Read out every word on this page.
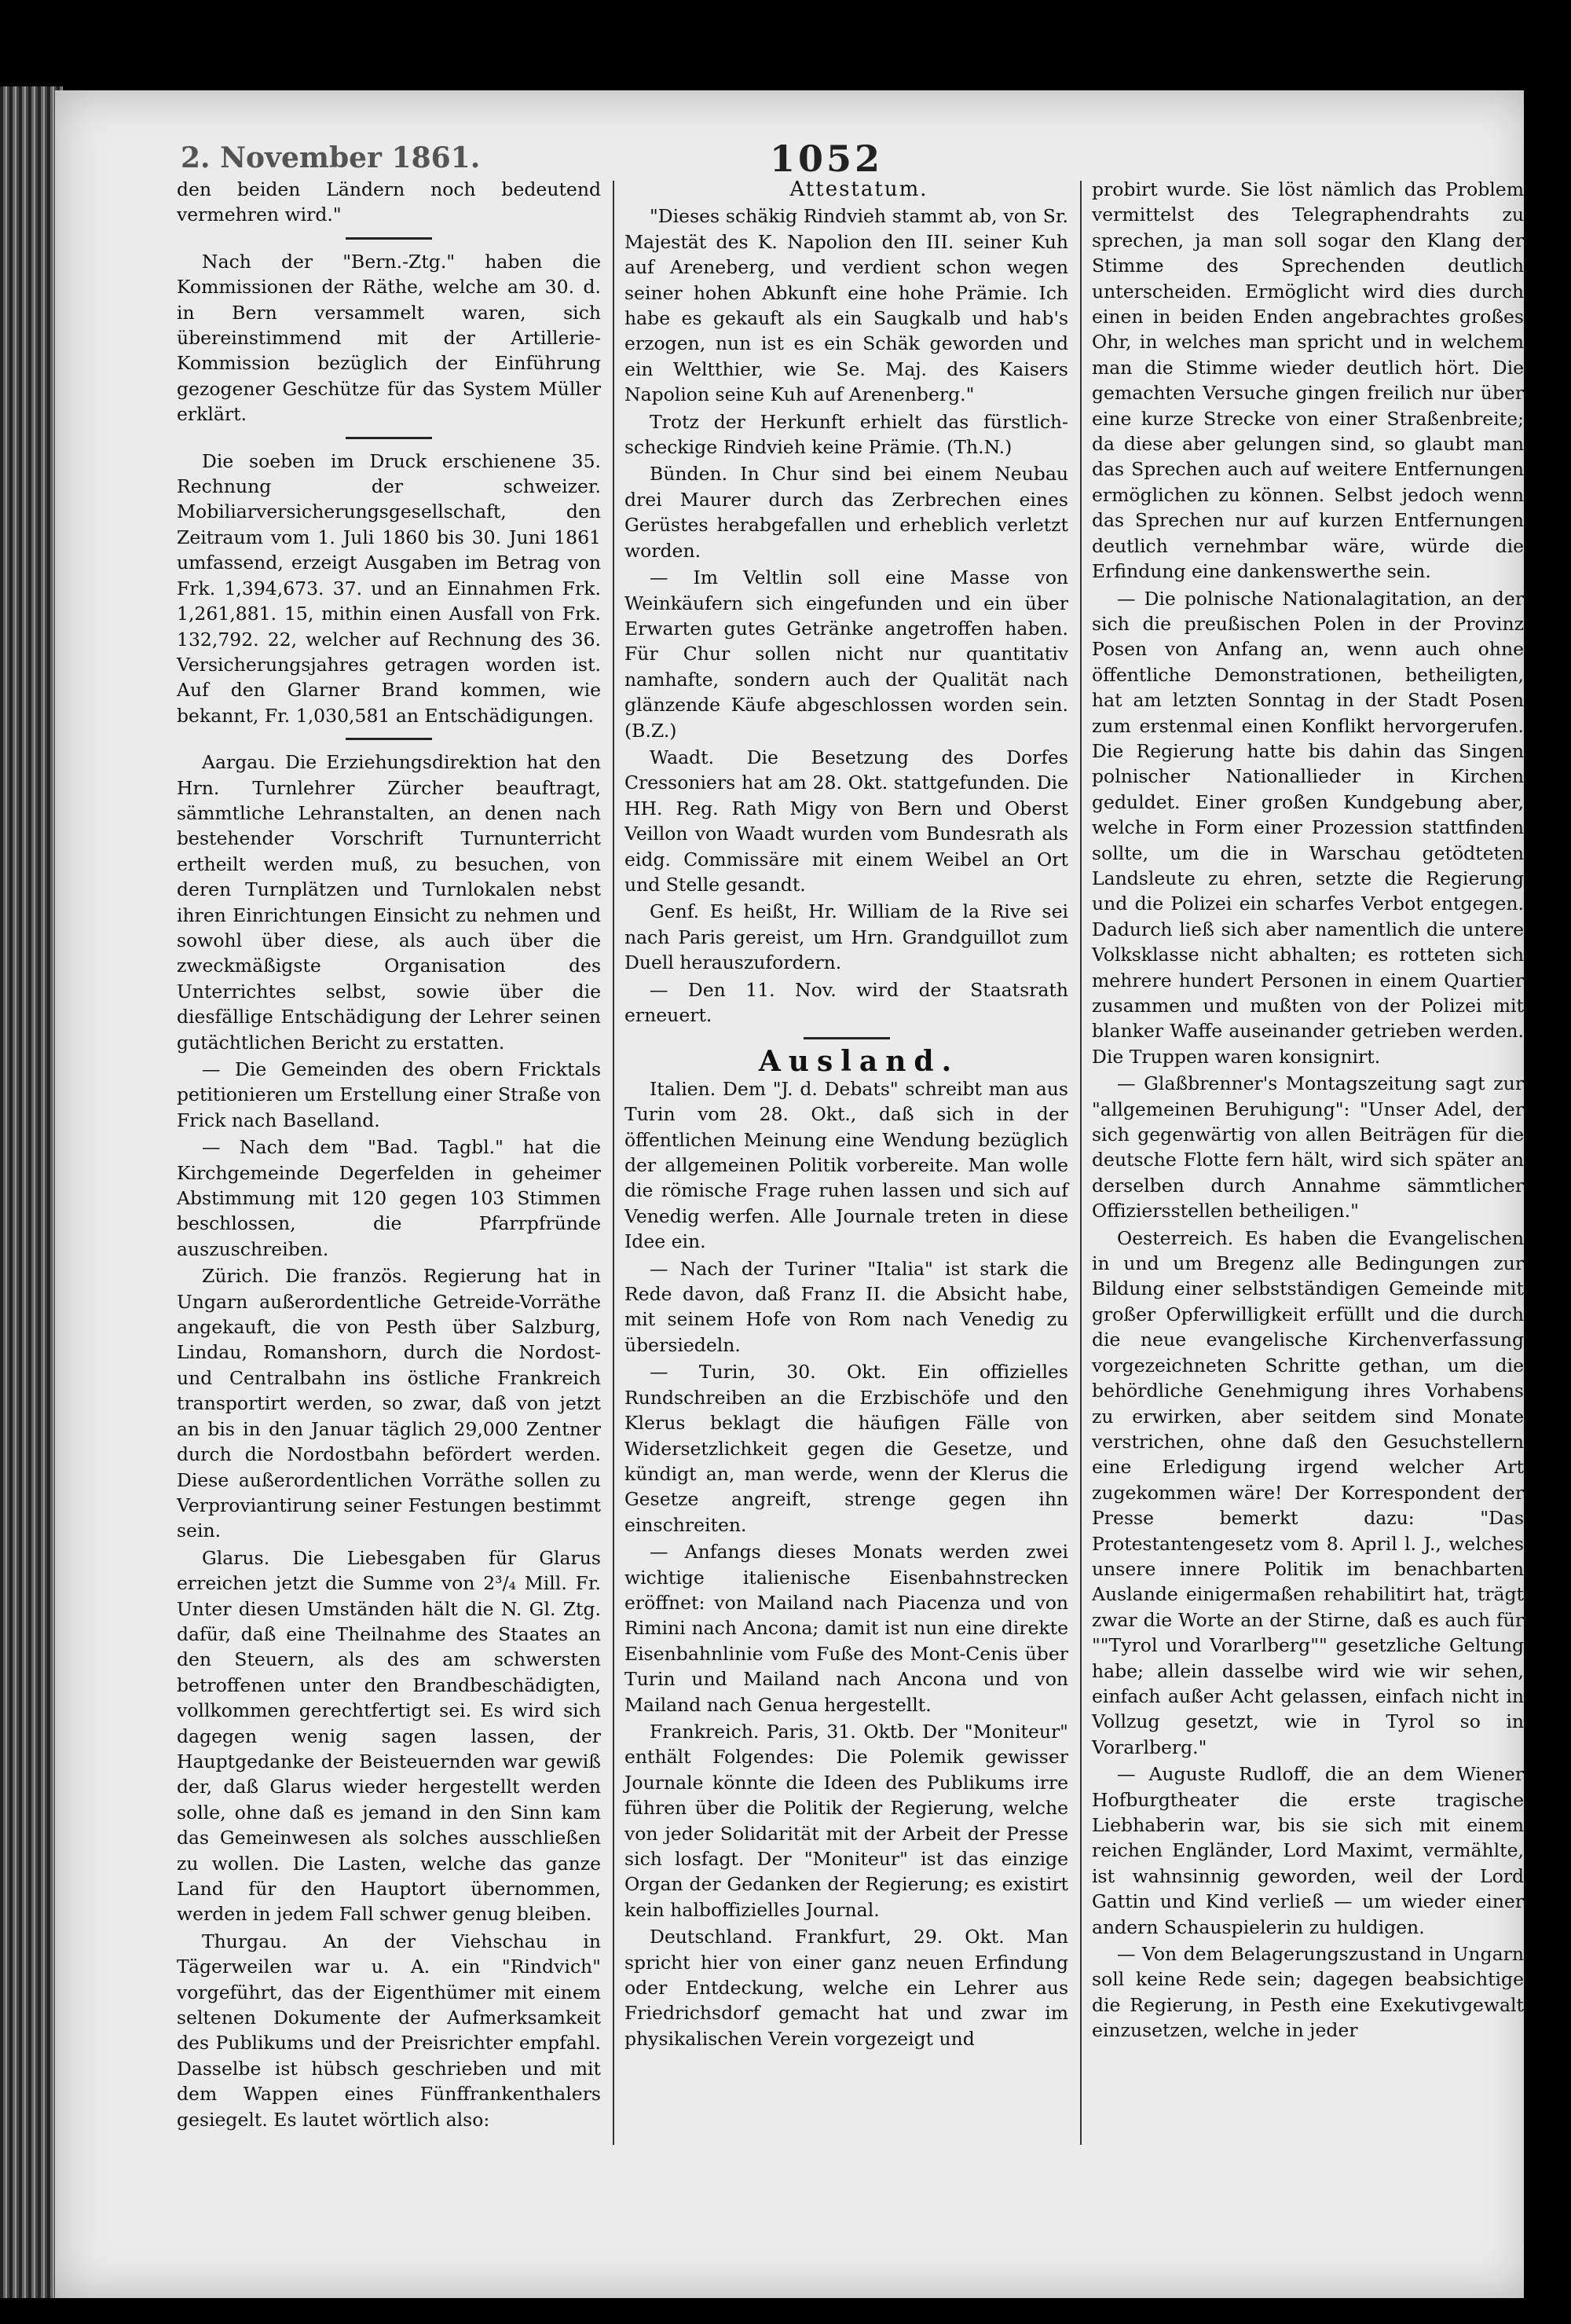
2. November 1861.	1052

den beiden Ländern noch bedeutend vermehren wird."

Nach der "Bern.-Ztg." haben die Kommissionen der Räthe, welche am 30. d. in Bern versammelt waren, sich übereinstimmend mit der Artillerie-Kommission bezüglich der Einführung gezogener Geschütze für das System Müller erklärt.

Die soeben im Druck erschienene 35. Rechnung der schweizer. Mobiliarversicherungsgesellschaft, den Zeitraum vom 1. Juli 1860 bis 30. Juni 1861 umfassend, erzeigt Ausgaben im Betrag von Frk. 1,394,673. 37. und an Einnahmen Frk. 1,261,881. 15, mithin einen Ausfall von Frk. 132,792. 22, welcher auf Rechnung des 36. Versicherungsjahres getragen worden ist. Auf den Glarner Brand kommen, wie bekannt, Fr. 1,030,581 an Entschädigungen.

Aargau. Die Erziehungsdirektion hat den Hrn. Turnlehrer Zürcher beauftragt, sämmtliche Lehranstalten, an denen nach bestehender Vorschrift Turnunterricht ertheilt werden muß, zu besuchen, von deren Turnplätzen und Turnlokalen nebst ihren Einrichtungen Einsicht zu nehmen und sowohl über diese, als auch über die zweckmäßigste Organisation des Unterrichtes selbst, sowie über die diesfällige Entschädigung der Lehrer seinen gutächtlichen Bericht zu erstatten.

— Die Gemeinden des obern Fricktals petitionieren um Erstellung einer Straße von Frick nach Baselland.

— Nach dem "Bad. Tagbl." hat die Kirchgemeinde Degerfelden in geheimer Abstimmung mit 120 gegen 103 Stimmen beschlossen, die Pfarrpfründe auszuschreiben.

Zürich. Die französ. Regierung hat in Ungarn außerordentliche Getreide-Vorräthe angekauft, die von Pesth über Salzburg, Lindau, Romanshorn, durch die Nordost- und Centralbahn ins östliche Frankreich transportirt werden, so zwar, daß von jetzt an bis in den Januar täglich 29,000 Zentner durch die Nordostbahn befördert werden. Diese außerordentlichen Vorräthe sollen zu Verproviantirung seiner Festungen bestimmt sein.

Glarus. Die Liebesgaben für Glarus erreichen jetzt die Summe von 2³/₄ Mill. Fr. Unter diesen Umständen hält die N. Gl. Ztg. dafür, daß eine Theilnahme des Staates an den Steuern, als des am schwersten betroffenen unter den Brandbeschädigten, vollkommen gerechtfertigt sei. Es wird sich dagegen wenig sagen lassen, der Hauptgedanke der Beisteuernden war gewiß der, daß Glarus wieder hergestellt werden solle, ohne daß es jemand in den Sinn kam das Gemeinwesen als solches ausschließen zu wollen. Die Lasten, welche das ganze Land für den Hauptort übernommen, werden in jedem Fall schwer genug bleiben.

Thurgau. An der Viehschau in Tägerweilen war u. A. ein "Rindvich" vorgeführt, das der Eigenthümer mit einem seltenen Dokumente der Aufmerksamkeit des Publikums und der Preisrichter empfahl. Dasselbe ist hübsch geschrieben und mit dem Wappen eines Fünffrankenthalers gesiegelt. Es lautet wörtlich also:

Attestatum.

"Dieses schäkig Rindvieh stammt ab, von Sr. Majestät des K. Napolion den III. seiner Kuh auf Areneberg, und verdient schon wegen seiner hohen Abkunft eine hohe Prämie. Ich habe es gekauft als ein Saugkalb und hab's erzogen, nun ist es ein Schäk geworden und ein Weltthier, wie Se. Maj. des Kaisers Napolion seine Kuh auf Arenenberg."

Trotz der Herkunft erhielt das fürstlich-scheckige Rindvieh keine Prämie. (Th.N.)

Bünden. In Chur sind bei einem Neubau drei Maurer durch das Zerbrechen eines Gerüstes herabgefallen und erheblich verletzt worden.

— Im Veltlin soll eine Masse von Weinkäufern sich eingefunden und ein über Erwarten gutes Getränke angetroffen haben. Für Chur sollen nicht nur quantitativ namhafte, sondern auch der Qualität nach glänzende Käufe abgeschlossen worden sein. (B.Z.)

Waadt. Die Besetzung des Dorfes Cressoniers hat am 28. Okt. stattgefunden. Die HH. Reg. Rath Migy von Bern und Oberst Veillon von Waadt wurden vom Bundesrath als eidg. Commissäre mit einem Weibel an Ort und Stelle gesandt.

Genf. Es heißt, Hr. William de la Rive sei nach Paris gereist, um Hrn. Grandguillot zum Duell herauszufordern.

— Den 11. Nov. wird der Staatsrath erneuert.

Ausland.

Italien. Dem "J. d. Debats" schreibt man aus Turin vom 28. Okt., daß sich in der öffentlichen Meinung eine Wendung bezüglich der allgemeinen Politik vorbereite. Man wolle die römische Frage ruhen lassen und sich auf Venedig werfen. Alle Journale treten in diese Idee ein.

— Nach der Turiner "Italia" ist stark die Rede davon, daß Franz II. die Absicht habe, mit seinem Hofe von Rom nach Venedig zu übersiedeln.

— Turin, 30. Okt. Ein offizielles Rundschreiben an die Erzbischöfe und den Klerus beklagt die häufigen Fälle von Widersetzlichkeit gegen die Gesetze, und kündigt an, man werde, wenn der Klerus die Gesetze angreift, strenge gegen ihn einschreiten.

— Anfangs dieses Monats werden zwei wichtige italienische Eisenbahnstrecken eröffnet: von Mailand nach Piacenza und von Rimini nach Ancona; damit ist nun eine direkte Eisenbahnlinie vom Fuße des Mont-Cenis über Turin und Mailand nach Ancona und von Mailand nach Genua hergestellt.

Frankreich. Paris, 31. Oktb. Der "Moniteur" enthält Folgendes: Die Polemik gewisser Journale könnte die Ideen des Publikums irre führen über die Politik der Regierung, welche von jeder Solidarität mit der Arbeit der Presse sich losfagt. Der "Moniteur" ist das einzige Organ der Gedanken der Regierung; es existirt kein halboffizielles Journal.

Deutschland. Frankfurt, 29. Okt. Man spricht hier von einer ganz neuen Erfindung oder Entdeckung, welche ein Lehrer aus Friedrichsdorf gemacht hat und zwar im physikalischen Verein vorgezeigt und

probirt wurde. Sie löst nämlich das Problem vermittelst des Telegraphendrahts zu sprechen, ja man soll sogar den Klang der Stimme des Sprechenden deutlich unterscheiden. Ermöglicht wird dies durch einen in beiden Enden angebrachtes großes Ohr, in welches man spricht und in welchem man die Stimme wieder deutlich hört. Die gemachten Versuche gingen freilich nur über eine kurze Strecke von einer Straßenbreite; da diese aber gelungen sind, so glaubt man das Sprechen auch auf weitere Entfernungen ermöglichen zu können. Selbst jedoch wenn das Sprechen nur auf kurzen Entfernungen deutlich vernehmbar wäre, würde die Erfindung eine dankenswerthe sein.

— Die polnische Nationalagitation, an der sich die preußischen Polen in der Provinz Posen von Anfang an, wenn auch ohne öffentliche Demonstrationen, betheiligten, hat am letzten Sonntag in der Stadt Posen zum erstenmal einen Konflikt hervorgerufen. Die Regierung hatte bis dahin das Singen polnischer Nationallieder in Kirchen geduldet. Einer großen Kundgebung aber, welche in Form einer Prozession stattfinden sollte, um die in Warschau getödteten Landsleute zu ehren, setzte die Regierung und die Polizei ein scharfes Verbot entgegen. Dadurch ließ sich aber namentlich die untere Volksklasse nicht abhalten; es rotteten sich mehrere hundert Personen in einem Quartier zusammen und mußten von der Polizei mit blanker Waffe auseinander getrieben werden. Die Truppen waren konsignirt.

— Glaßbrenner's Montagszeitung sagt zur "allgemeinen Beruhigung": "Unser Adel, der sich gegenwärtig von allen Beiträgen für die deutsche Flotte fern hält, wird sich später an derselben durch Annahme sämmtlicher Offiziersstellen betheiligen."

Oesterreich. Es haben die Evangelischen in und um Bregenz alle Bedingungen zur Bildung einer selbstständigen Gemeinde mit großer Opferwilligkeit erfüllt und die durch die neue evangelische Kirchenverfassung vorgezeichneten Schritte gethan, um die behördliche Genehmigung ihres Vorhabens zu erwirken, aber seitdem sind Monate verstrichen, ohne daß den Gesuchstellern eine Erledigung irgend welcher Art zugekommen wäre! Der Korrespondent der Presse bemerkt dazu: "Das Protestantengesetz vom 8. April l. J., welches unsere innere Politik im benachbarten Auslande einigermaßen rehabilitirt hat, trägt zwar die Worte an der Stirne, daß es auch für ""Tyrol und Vorarlberg"" gesetzliche Geltung habe; allein dasselbe wird wie wir sehen, einfach außer Acht gelassen, einfach nicht in Vollzug gesetzt, wie in Tyrol so in Vorarlberg."

— Auguste Rudloff, die an dem Wiener Hofburgtheater die erste tragische Liebhaberin war, bis sie sich mit einem reichen Engländer, Lord Maximt, vermählte, ist wahnsinnig geworden, weil der Lord Gattin und Kind verließ — um wieder einer andern Schauspielerin zu huldigen.

— Von dem Belagerungszustand in Ungarn soll keine Rede sein; dagegen beabsichtige die Regierung, in Pesth eine Exekutivgewalt einzusetzen, welche in jeder
